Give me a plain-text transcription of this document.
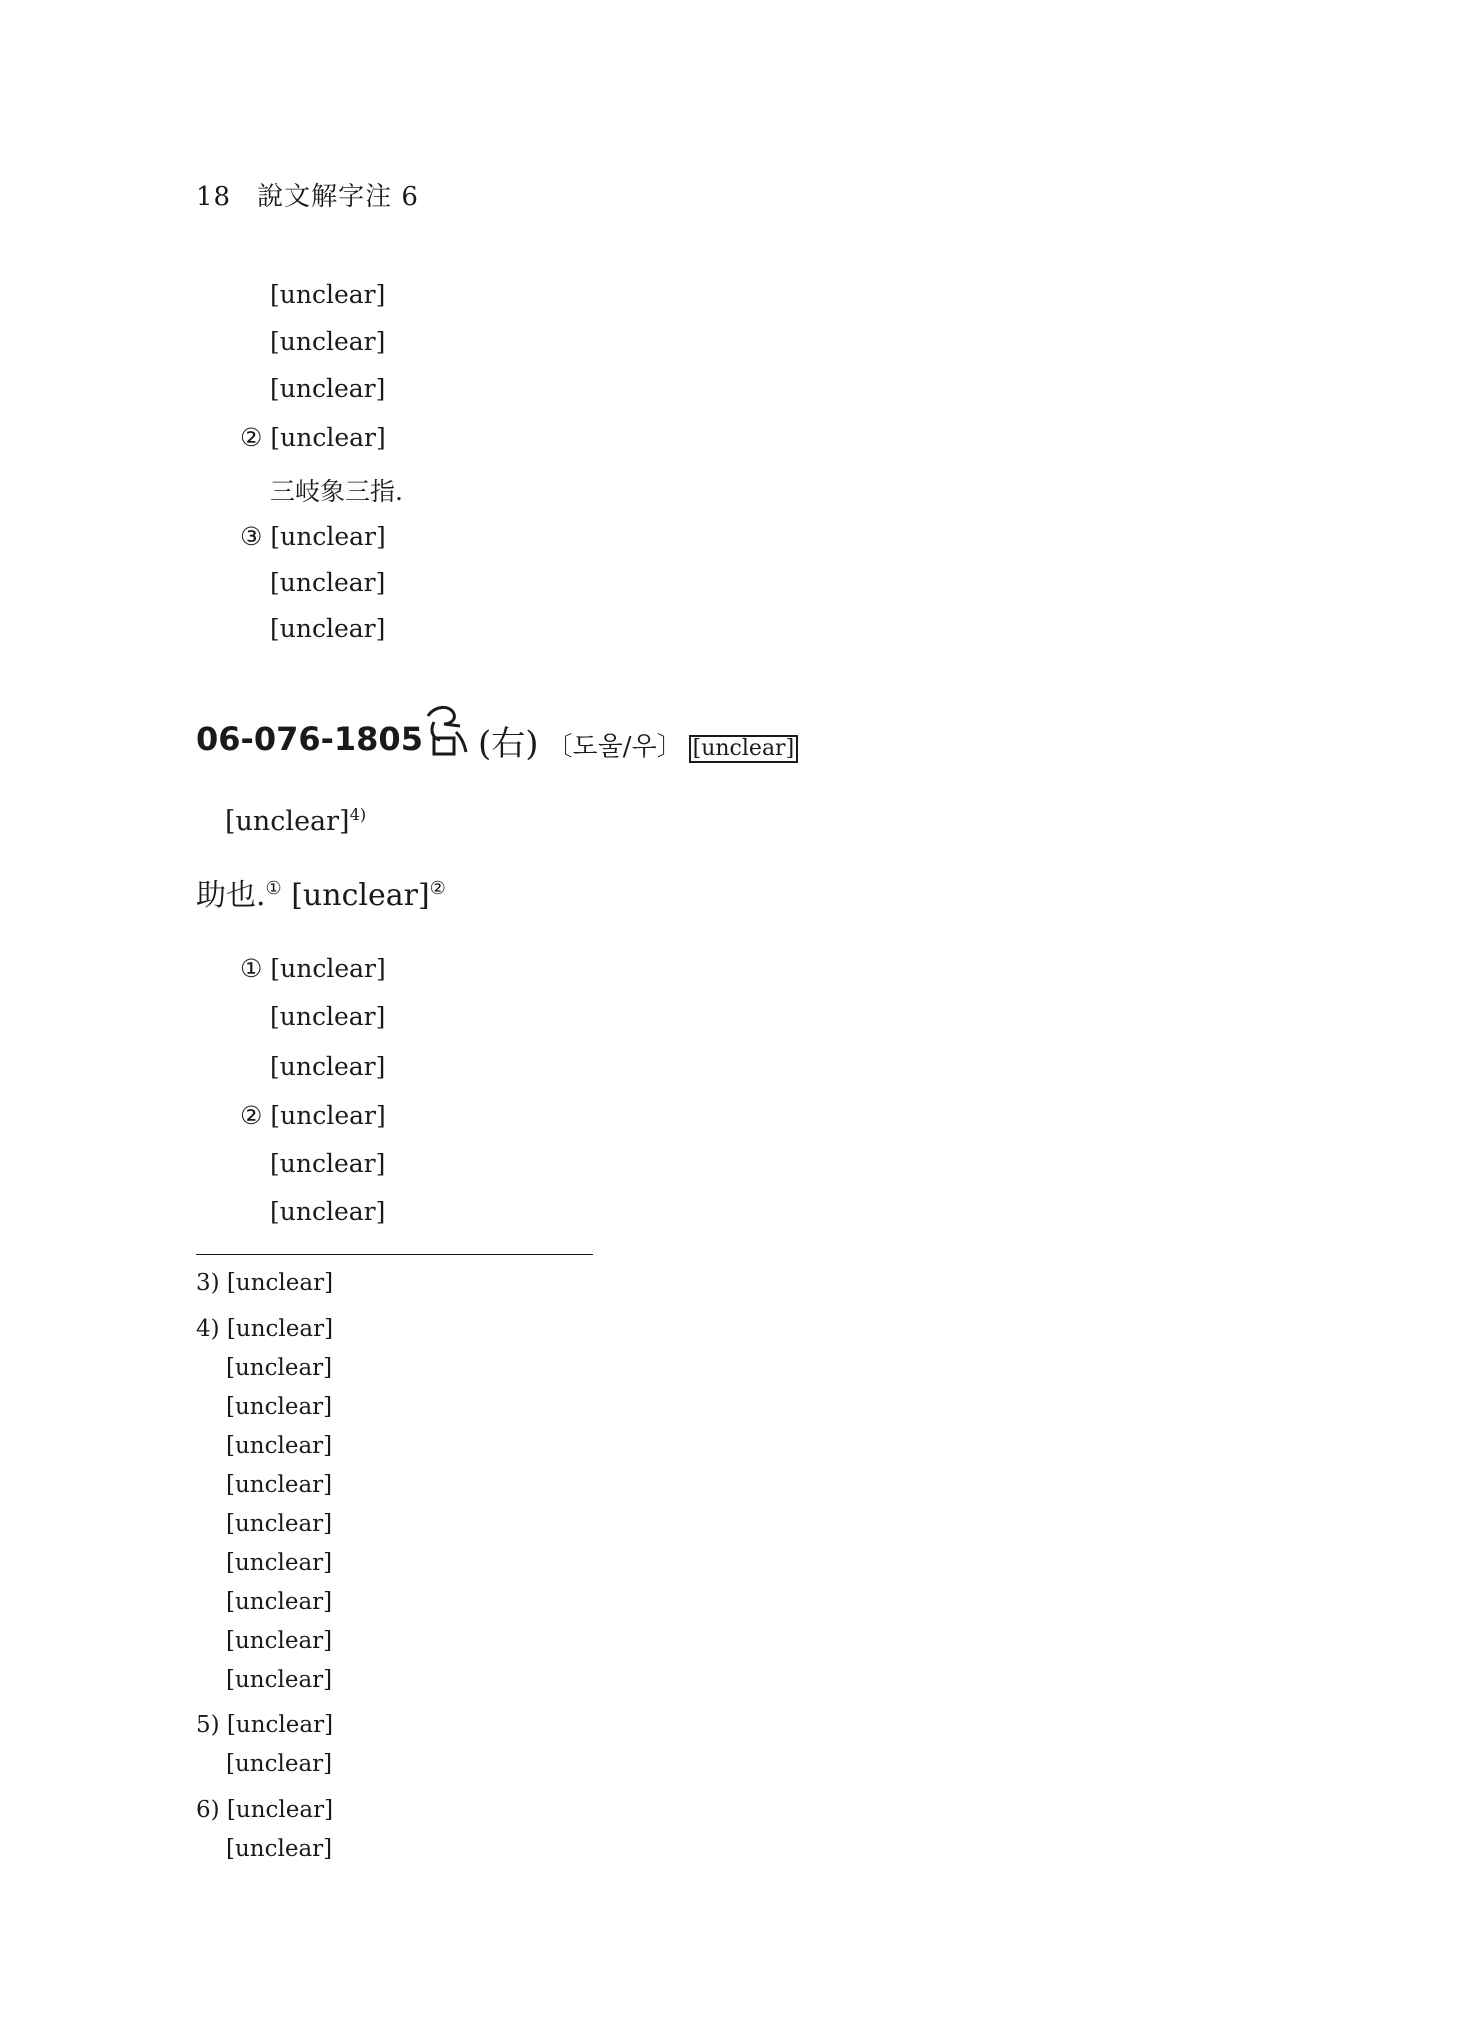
18 說文解字注 6
[unclear]
[unclear]
[unclear]
② [unclear]
三岐象三指.
③ [unclear]
[unclear]
[unclear]
06-076-1805 (右) 〔도울/우〕 [unclear]
[unclear]$^{4)}$
助也.① [unclear]②
① [unclear]
[unclear]
[unclear]
② [unclear]
[unclear]
[unclear]
3) [unclear]
4) [unclear]
[unclear]
[unclear]
[unclear]
[unclear]
[unclear]
[unclear]
[unclear]
[unclear]
[unclear]
5) [unclear]
[unclear]
6) [unclear]
[unclear]
